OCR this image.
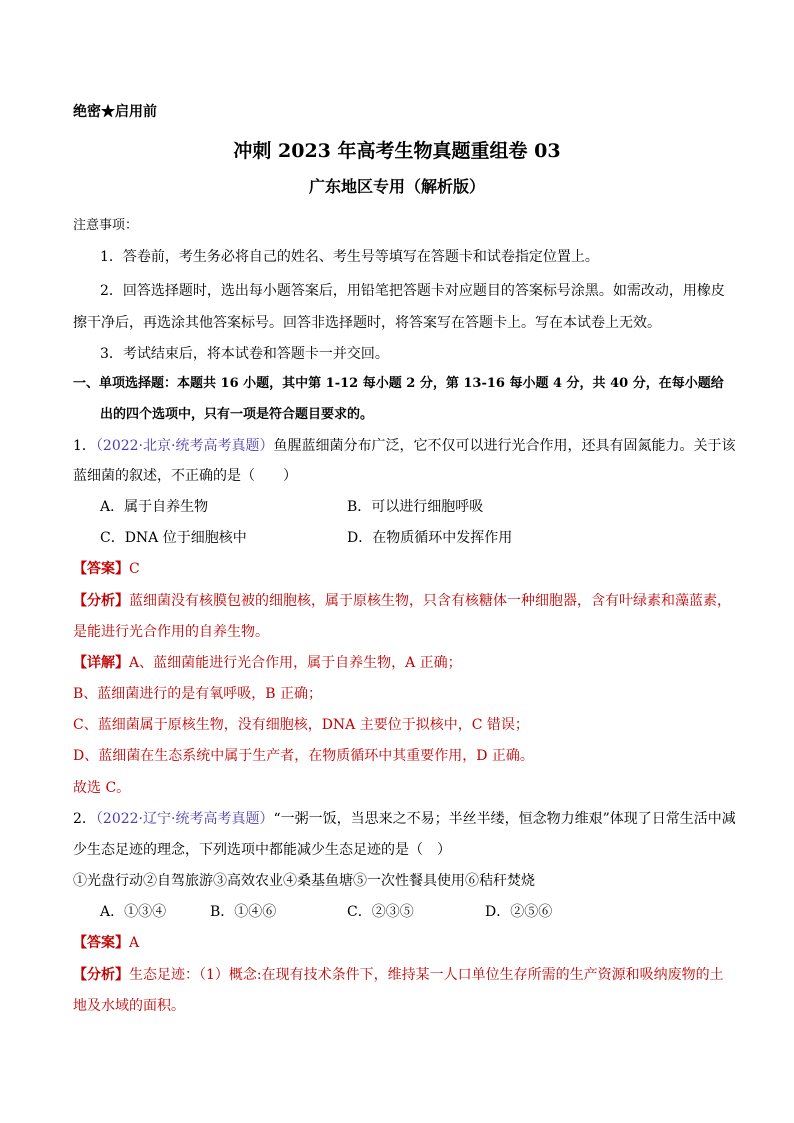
绝密★启用前
冲刺 2023 年高考生物真题重组卷 03
广东地区专用（解析版）
注意事项：
1．答卷前，考生务必将自己的姓名、考生号等填写在答题卡和试卷指定位置上。
2．回答选择题时，选出每小题答案后，用铅笔把答题卡对应题目的答案标号涂黑。如需改动，用橡皮
擦干净后，再选涂其他答案标号。回答非选择题时，将答案写在答题卡上。写在本试卷上无效。
3．考试结束后，将本试卷和答题卡一并交回。
一、单项选择题：本题共 16 小题，其中第 1-12 每小题 2 分，第 13-16 每小题 4 分，共 40 分，在每小题给
出的四个选项中，只有一项是符合题目要求的。
1．（2022·北京·统考高考真题）鱼腥蓝细菌分布广泛，它不仅可以进行光合作用，还具有固氮能力。关于该
蓝细菌的叙述，不正确的是（　　）
A．属于自养生物	B．可以进行细胞呼吸
C．DNA 位于细胞核中	D．在物质循环中发挥作用
【答案】C
【分析】蓝细菌没有核膜包被的细胞核，属于原核生物，只含有核糖体一种细胞器，含有叶绿素和藻蓝素，
是能进行光合作用的自养生物。
【详解】A、蓝细菌能进行光合作用，属于自养生物，A 正确；
B、蓝细菌进行的是有氧呼吸，B 正确；
C、蓝细菌属于原核生物，没有细胞核，DNA 主要位于拟核中，C 错误；
D、蓝细菌在生态系统中属于生产者，在物质循环中其重要作用，D 正确。
故选 C。
2．（2022·辽宁·统考高考真题）“一粥一饭，当思来之不易；半丝半缕，恒念物力维艰”体现了日常生活中减
少生态足迹的理念，下列选项中都能减少生态足迹的是（　）
①光盘行动②自驾旅游③高效农业④桑基鱼塘⑤一次性餐具使用⑥秸秆焚烧
A．①③④	B．①④⑥	C．②③⑤	D．②⑤⑥
【答案】A
【分析】生态足迹：（1）概念:在现有技术条件下，维持某一人口单位生存所需的生产资源和吸纳废物的土
地及水域的面积。
